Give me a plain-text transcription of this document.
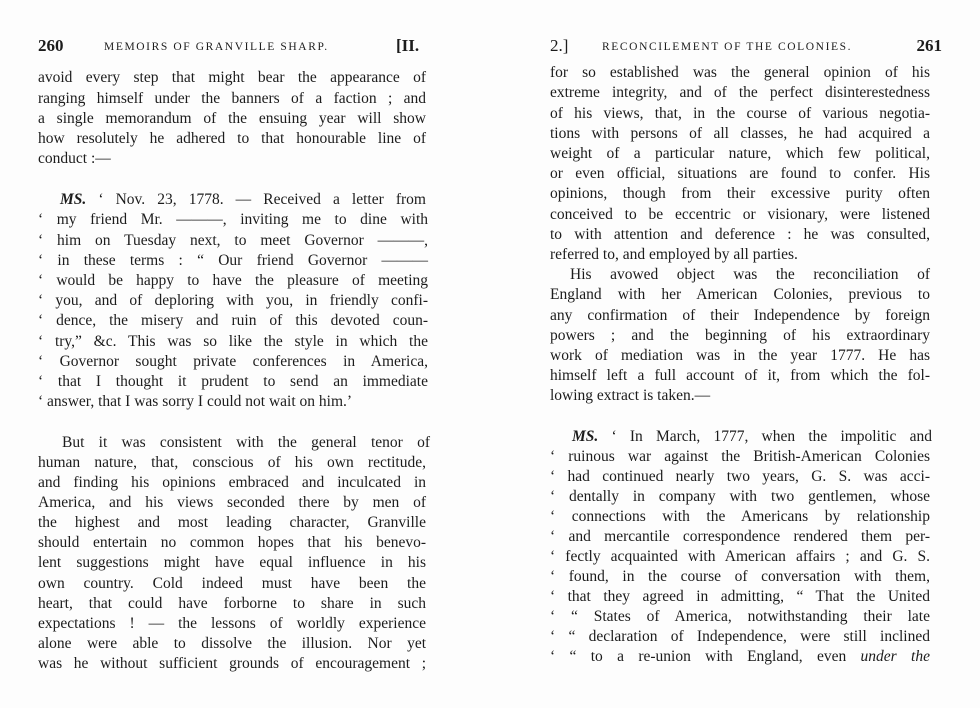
260	MEMOIRS OF GRANVILLE SHARP.	[II.
avoid every step that might bear the appearance of
ranging himself under the banners of a faction ; and
a single memorandum of the ensuing year will show
how resolutely he adhered to that honourable line of
conduct :—
MS. ‘ Nov. 23, 1778. — Received a letter from
‘ my friend Mr. ———, inviting me to dine with
‘ him on Tuesday next, to meet Governor ———,
‘ in these terms : “ Our friend Governor ———
‘ would be happy to have the pleasure of meeting
‘ you, and of deploring with you, in friendly confi-
‘ dence, the misery and ruin of this devoted coun-
‘ try,” &c. This was so like the style in which the
‘ Governor sought private conferences in America,
‘ that I thought it prudent to send an immediate
‘ answer, that I was sorry I could not wait on him.’
But it was consistent with the general tenor of
human nature, that, conscious of his own rectitude,
and finding his opinions embraced and inculcated in
America, and his views seconded there by men of
the highest and most leading character, Granville
should entertain no common hopes that his benevo-
lent suggestions might have equal influence in his
own country. Cold indeed must have been the
heart, that could have forborne to share in such
expectations ! — the lessons of worldly experience
alone were able to dissolve the illusion. Nor yet
was he without sufficient grounds of encouragement ;
2.]	RECONCILEMENT OF THE COLONIES.	261
for so established was the general opinion of his
extreme integrity, and of the perfect disinterestedness
of his views, that, in the course of various negotia-
tions with persons of all classes, he had acquired a
weight of a particular nature, which few political,
or even official, situations are found to confer. His
opinions, though from their excessive purity often
conceived to be eccentric or visionary, were listened
to with attention and deference : he was consulted,
referred to, and employed by all parties.
His avowed object was the reconciliation of
England with her American Colonies, previous to
any confirmation of their Independence by foreign
powers ; and the beginning of his extraordinary
work of mediation was in the year 1777. He has
himself left a full account of it, from which the fol-
lowing extract is taken.—
MS. ‘ In March, 1777, when the impolitic and
‘ ruinous war against the British-American Colonies
‘ had continued nearly two years, G. S. was acci-
‘ dentally in company with two gentlemen, whose
‘ connections with the Americans by relationship
‘ and mercantile correspondence rendered them per-
‘ fectly acquainted with American affairs ; and G. S.
‘ found, in the course of conversation with them,
‘ that they agreed in admitting, “ That the United
‘ “ States of America, notwithstanding their late
‘ “ declaration of Independence, were still inclined
‘ “ to a re-union with England, even under the
